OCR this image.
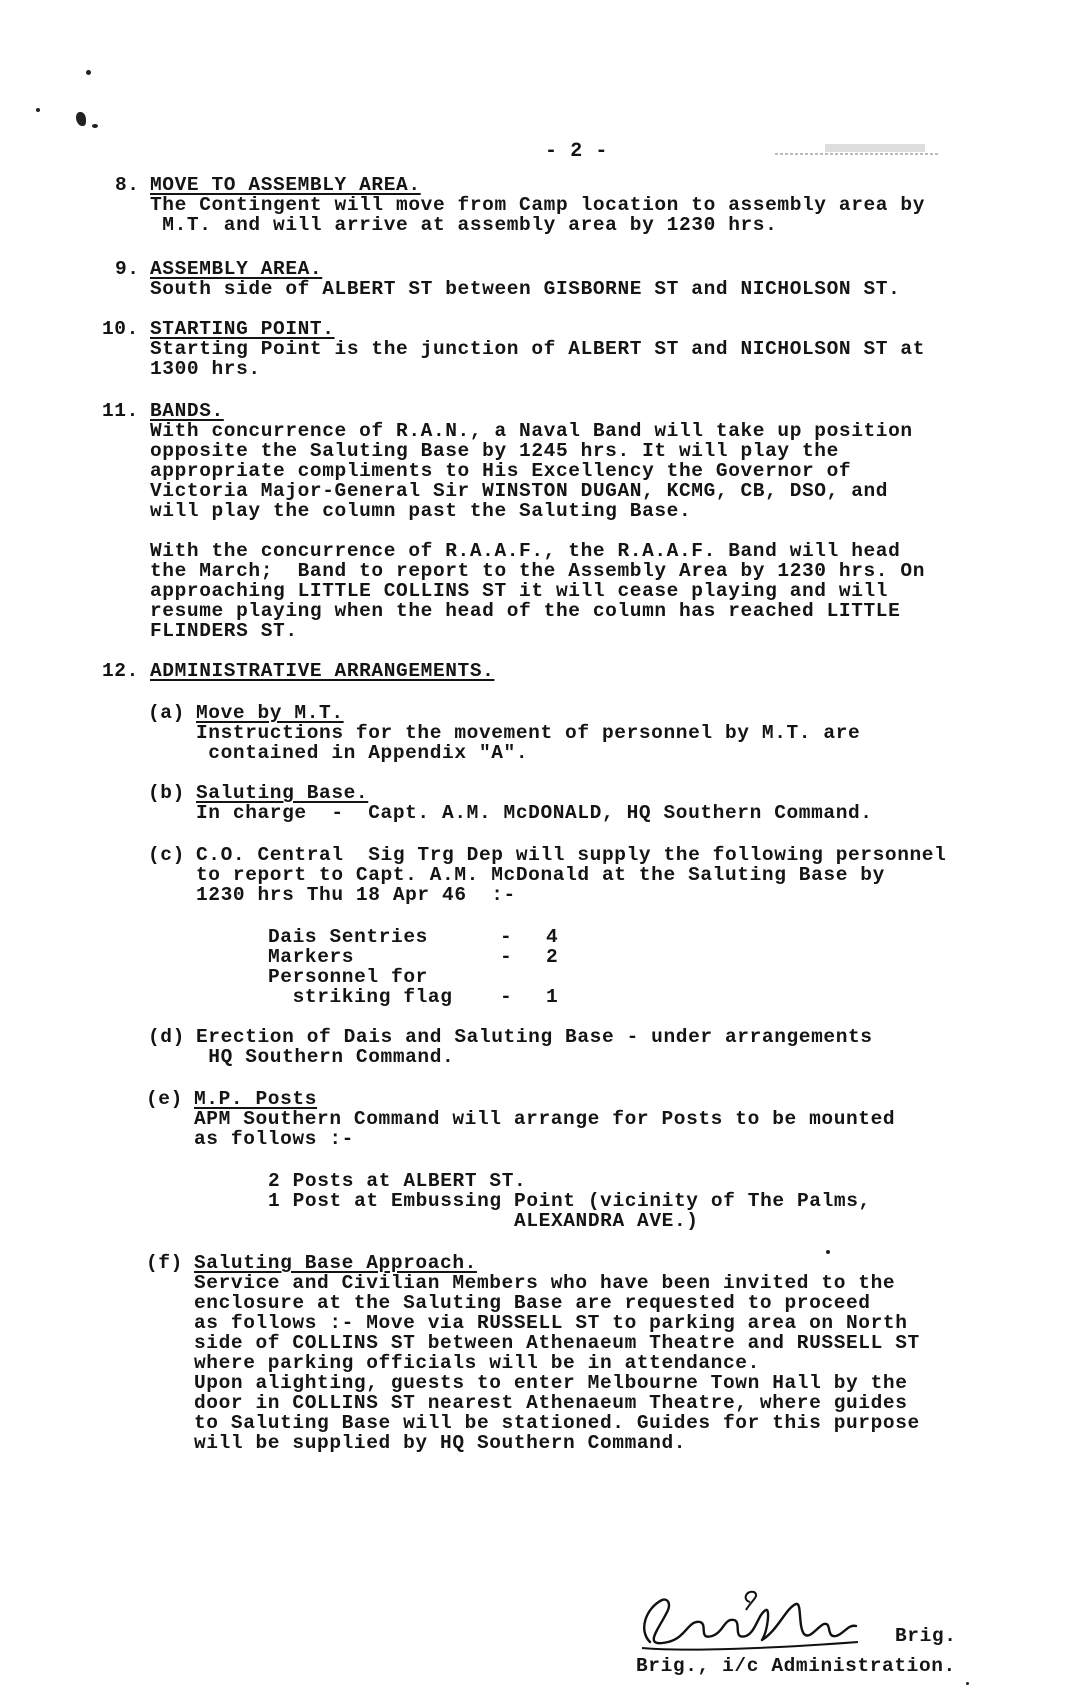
- 2 -
8. MOVE TO ASSEMBLY AREA.
The Contingent will move from Camp location to assembly area by
M.T. and will arrive at assembly area by 1230 hrs.
9. ASSEMBLY AREA.
South side of ALBERT ST between GISBORNE ST and NICHOLSON ST.
10. STARTING POINT.
Starting Point is the junction of ALBERT ST and NICHOLSON ST at
1300 hrs.
11. BANDS.
With concurrence of R.A.N., a Naval Band will take up position
opposite the Saluting Base by 1245 hrs. It will play the
appropriate compliments to His Excellency the Governor of
Victoria Major-General Sir WINSTON DUGAN, KCMG, CB, DSO, and
will play the column past the Saluting Base.
With the concurrence of R.A.A.F., the R.A.A.F. Band will head
the March;  Band to report to the Assembly Area by 1230 hrs. On
approaching LITTLE COLLINS ST it will cease playing and will
resume playing when the head of the column has reached LITTLE
FLINDERS ST.
12. ADMINISTRATIVE ARRANGEMENTS.
(a) Move by M.T.
Instructions for the movement of personnel by M.T. are
contained in Appendix "A".
(b) Saluting Base.
In charge  -  Capt. A.M. McDONALD, HQ Southern Command.
(c) C.O. Central  Sig Trg Dep will supply the following personnel
to report to Capt. A.M. McDonald at the Saluting Base by
1230 hrs Thu 18 Apr 46  :-
Dais Sentries	- 4
Markers	- 2
Personnel for
striking flag - 1
(d) Erection of Dais and Saluting Base - under arrangements
HQ Southern Command.
(e) M.P. Posts
APM Southern Command will arrange for Posts to be mounted
as follows :-
2 Posts at ALBERT ST.
1 Post at Embussing Point (vicinity of The Palms,
ALEXANDRA AVE.)
(f) Saluting Base Approach.
Service and Civilian Members who have been invited to the
enclosure at the Saluting Base are requested to proceed
as follows :- Move via RUSSELL ST to parking area on North
side of COLLINS ST between Athenaeum Theatre and RUSSELL ST
where parking officials will be in attendance.
Upon alighting, guests to enter Melbourne Town Hall by the
door in COLLINS ST nearest Athenaeum Theatre, where guides
to Saluting Base will be stationed. Guides for this purpose
will be supplied by HQ Southern Command.
Brig.
Brig., i/c Administration.
